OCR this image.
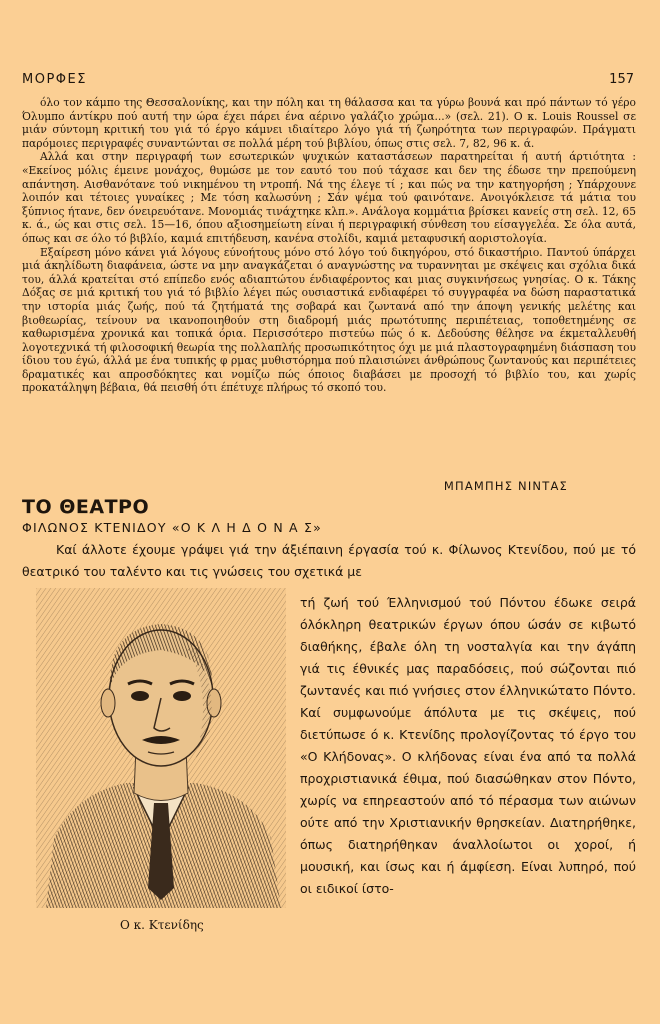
ΜΟΡΦΕΣ	157

όλο τον κάμπο της Θεσσαλονίκης, και την πόλη και τη θάλασσα και τα γύρω βουνά και πρό πάντων τό γέρο Όλυμπο άντίκρυ πού αυτή την ώρα έχει πάρει ένα αέρινο γαλάζιο χρώμα...» (σελ. 21). Ο κ. Louis Roussel σε μιάν σύντομη κριτική του γιά τό έργο κάμνει ιδιαίτερο λόγο γιά τή ζωηρότητα των περιγραφών. Πράγματι παρόμοιες περιγραφές συναντώνται σε πολλά μέρη τού βιβλίου, όπως στις σελ. 7, 82, 96 κ. ά.

Αλλά και στην περιγραφή των εσωτερικών ψυχικών καταστάσεων παρατηρείται ή αυτή άρτιότητα : «Εκείνος μόλις έμεινε μονάχος, θυμώσε με τον εαυτό του πού τάχασε και δεν της έδωσε την πρεπούμενη απάντηση. Αισθανότανε τού νικημένου τη ντροπή. Νά της έλεγε τί ; και πώς να την κατηγορήση ; Υπάρχουνε λοιπόν και τέτοιες γυναίκες ; Με τόση καλωσύνη ; Σάν ψέμα τού φαινότανε. Ανοιγόκλεισε τά μάτια του ξύπνιος ήτανε, δεν όνειρευότανε. Μονομιάς τινάχτηκε κλπ.». Ανάλογα κομμάτια βρίσκει κανείς στη σελ. 12, 65 κ. ά., ώς και στις σελ. 15—16, όπου αξιοσημείωτη είναι ή περιγραφική σύνθεση του είσαγγελέα. Σε όλα αυτά, όπως και σε όλο τό βιβλίο, καμιά επιτήδευση, κανένα στολίδι, καμιά μεταφυσική αοριστολογία.

Εξαίρεση μόνο κάνει γιά λόγους εύνοήτους μόνο στό λόγο τού δικηγόρου, στό δικαστήριο. Παντού ύπάρχει μιά άκηλίδωτη διαφάνεια, ώστε να μην αναγκάζεται ό αναγνώστης να τυραννηται με σκέψεις και σχόλια δικά του, άλλά κρατείται στό επίπεδο ενός αδιαπτώτου ένδιαφέροντος και μιας συγκινήσεως γνησίας. Ο κ. Τάκης Δόξας σε μιά κριτική του γιά τό βιβλίο λέγει πώς ουσιαστικά ενδιαφέρει τό συγγραφέα να δώση παραστατικά την ιστορία μιάς ζωής, πού τά ζητήματά της σοβαρά και ζωντανά από την άποψη γενικής μελέτης και βιοθεωρίας, τείνουν να ικανοποιηθούν στη διαδρομή μιάς πρωτότυπης περιπέτειας, τοποθετημένης σε καθωρισμένα χρονικά και τοπικά όρια. Περισσότερο πιστεύω πώς ό κ. Δεδούσης θέλησε να έκμεταλλευθή λογοτεχνικά τή φιλοσοφική θεωρία της πολλαπλής προσωπικότητος όχι με μιά πλαστογραφημένη διάσπαση του ίδιου του έγώ, άλλά με ένα τυπικής φ ρμας μυθιστόρημα πού πλαισιώνει άνθρώπους ζωντανούς και περιπέτειες δραματικές και απροσδόκητες και νομίζω πώς όποιος διαβάσει με προσοχή τό βιβλίο του, και χωρίς προκατάληψη βέβαια, θά πεισθή ότι έπέτυχε πλήρως τό σκοπό του.

ΜΠΑΜΠΗΣ ΝΙΝΤΑΣ
ΤΟ ΘΕΑΤΡΟ
ΦΙΛΩΝΟΣ ΚΤΕΝΙΔΟΥ «Ο Κ Λ Η Δ Ο Ν Α Σ»

Καί άλλοτε έχουμε γράψει γιά την άξιέπαινη έργασία τού κ. Φίλωνος Κτενίδου, πού με τό θεατρικό του ταλέντο και τις γνώσεις του σχετικά με

τή ζωή τού Έλληνισμού τού Πόντου έδωκε σειρά όλόκληρη θεατρικών έργων όπου ώσάν σε κιβωτό διαθήκης, έβαλε όλη τη νοσταλγία και την άγάπη γιά τις έθνικές μας παραδόσεις, πού σώζονται πιό ζωντανές και πιό γνήσιες στον έλληνικώτατο Πόντο. Καί συμφωνούμε άπόλυτα με τις σκέψεις, πού διετύπωσε ό κ. Κτενίδης προλογίζοντας τό έργο του «Ο Κλήδονας». Ο κλήδονας είναι ένα από τα πολλά προχριστιανικά έθιμα, πού διασώθηκαν στον Πόντο, χωρίς να επηρεαστούν από τό πέρασμα των αιώνων ούτε από την Χριστιανικήν θρησκείαν. Διατηρήθηκε, όπως διατηρήθηκαν άναλλοίωτοι οι χοροί, ή μουσική, και ίσως και ή άμφίεση. Είναι λυπηρό, πού οι ειδικοί ίστο-

Ο κ. Κτενίδης
